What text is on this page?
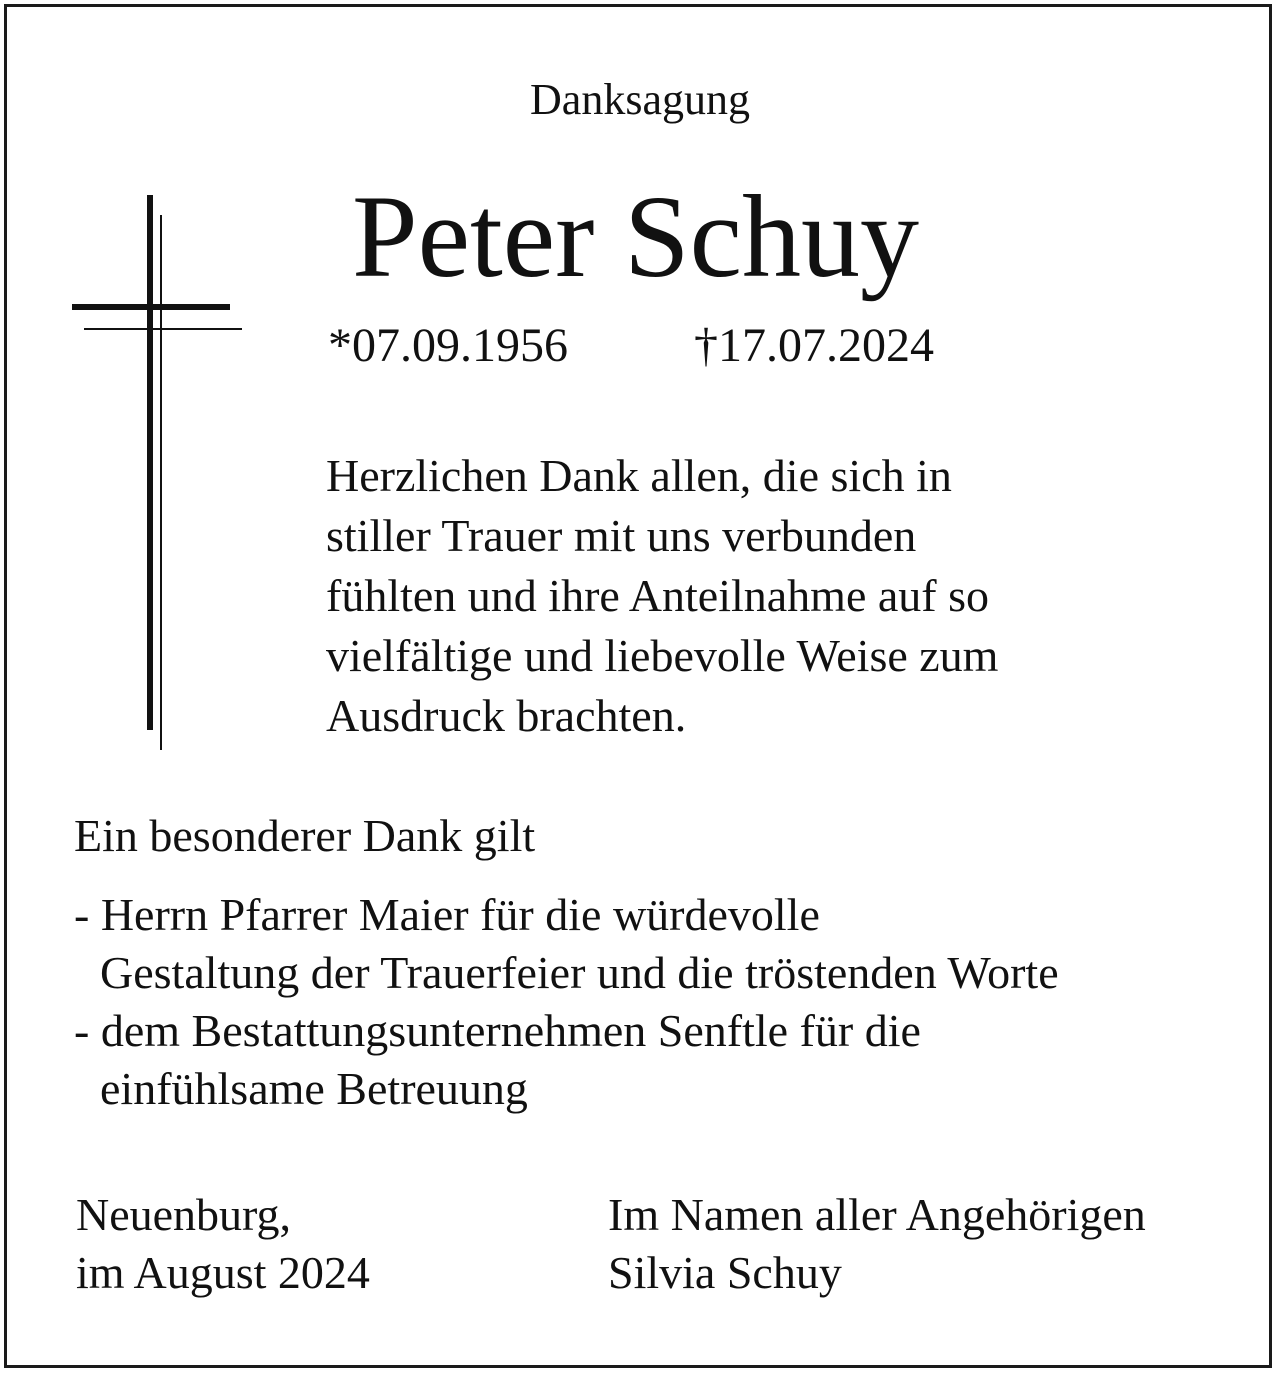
Danksagung
Peter Schuy
*07.09.1956	†17.07.2024

Herzlichen Dank allen, die sich in
stiller Trauer mit uns verbunden
fühlten und ihre Anteilnahme auf so
vielfältige und liebevolle Weise zum
Ausdruck brachten.

Ein besonderer Dank gilt

- Herrn Pfarrer Maier für die würdevolle
Gestaltung der Trauerfeier und die tröstenden Worte
- dem Bestattungsunternehmen Senftle für die
einfühlsame Betreuung
Neuenburg,
im August 2024
Im Namen aller Angehörigen
Silvia Schuy
